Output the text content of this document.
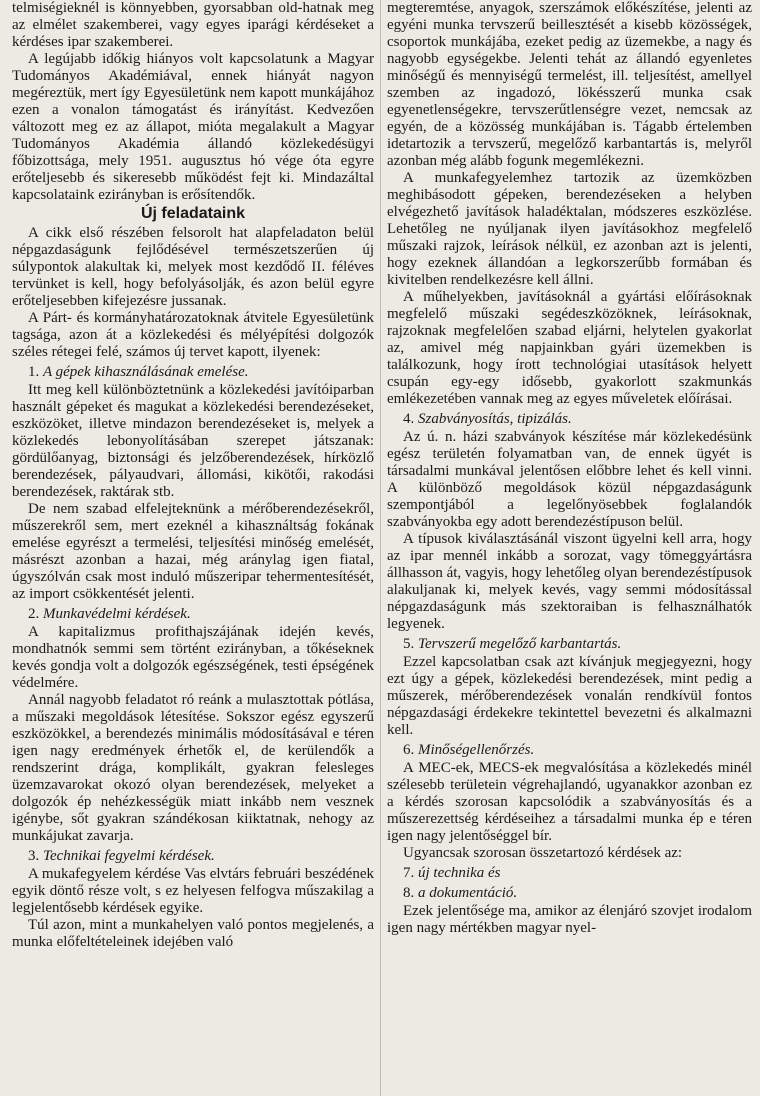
telmiségieknél is könnyebben, gyorsabban old-hatnak meg az elmélet szakemberei, vagy egyes iparági kérdéseket a kérdéses ipar szakemberei.

A legújabb időkig hiányos volt kapcsolatunk a Magyar Tudományos Akadémiával, ennek hiányát nagyon megéreztük, mert így Egyesületünk nem kapott munkájához ezen a vonalon támogatást és irányítást. Kedvezően változott meg ez az állapot, mióta megalakult a Magyar Tudományos Akadémia állandó közlekedésügyi főbizottsága, mely 1951. augusztus hó vége óta egyre erőteljesebb és sikeresebb működést fejt ki. Mindazáltal kapcsolataink ezirányban is erősítendők.

Új feladataink

A cikk első részében felsorolt hat alapfeladaton belül népgazdaságunk fejlődésével természetszerűen új súlypontok alakultak ki, melyek most kezdődő II. féléves tervünket is kell, hogy befolyásolják, és azon belül egyre erőteljesebben kifejezésre jussanak.

A Párt- és kormányhatározatoknak átvitele Egyesületünk tagsága, azon át a közlekedési és mélyépítési dolgozók széles rétegei felé, számos új tervet kapott, ilyenek:

1. A gépek kihasználásának emelése.

Itt meg kell különböztetnünk a közlekedési javítóiparban használt gépeket és magukat a közlekedési berendezéseket, eszközöket, illetve mindazon berendezéseket is, melyek a közlekedés lebonyolításában szerepet játszanak: gördülőanyag, biztonsági és jelzőberendezések, hírközlő berendezések, pályaudvari, állomási, kikötői, rakodási berendezések, raktárak stb.

De nem szabad elfelejteknünk a mérőberendezésekről, műszerekről sem, mert ezeknél a kihasználtság fokának emelése egyrészt a termelési, teljesítési minőség emelését, másrészt azonban a hazai, még aránylag igen fiatal, úgyszólván csak most induló műszeripar tehermentesítését, az import csökkentését jelenti.

2. Munkavédelmi kérdések.

A kapitalizmus profithajszájának idején kevés, mondhatnók semmi sem történt ezirányban, a tőkéseknek kevés gondja volt a dolgozók egészségének, testi épségének védelmére.

Annál nagyobb feladatot ró reánk a mulasztottak pótlása, a műszaki megoldások létesítése. Sokszor egész egyszerű eszközökkel, a berendezés minimális módosításával e téren igen nagy eredmények érhetők el, de kerülendők a rendszerint drága, komplikált, gyakran felesleges üzemzavarokat okozó olyan berendezések, melyeket a dolgozók ép nehézkességük miatt inkább nem vesznek igénybe, sőt gyakran szándékosan kiiktatnak, nehogy az munkájukat zavarja.

3. Technikai fegyelmi kérdések.

A mukafegyelem kérdése Vas elvtárs februári beszédének egyik döntő része volt, s ez helyesen felfogva műszakilag a legjelentősebb kérdések egyike.

Túl azon, mint a munkahelyen való pontos megjelenés, a munka előfeltételeinek idejében való

megteremtése, anyagok, szerszámok előkészítése, jelenti az egyéni munka tervszerű beillesztését a kisebb közösségek, csoportok munkájába, ezeket pedig az üzemekbe, a nagy és nagyobb egységekbe. Jelenti tehát az állandó egyenletes minőségű és mennyiségű termelést, ill. teljesítést, amellyel szemben az ingadozó, lökésszerű munka csak egyenetlenségekre, tervszerűtlenségre vezet, nemcsak az egyén, de a közösség munkájában is. Tágabb értelemben idetartozik a tervszerű, megelőző karbantartás is, melyről azonban még alább fogunk megemlékezni.

A munkafegyelemhez tartozik az üzemközben meghibásodott gépeken, berendezéseken a helyben elvégezhető javítások haladéktalan, módszeres eszközlése. Lehetőleg ne nyúljanak ilyen javításokhoz megfelelő műszaki rajzok, leírások nélkül, ez azonban azt is jelenti, hogy ezeknek állandóan a legkorszerűbb formában és kivitelben rendelkezésre kell állni.

A műhelyekben, javításoknál a gyártási előírásoknak megfelelő műszaki segédeszközöknek, leírásoknak, rajzoknak megfelelően szabad eljárni, helytelen gyakorlat az, amivel még napjainkban gyári üzemekben is találkozunk, hogy írott technológiai utasítások helyett csupán egy-egy idősebb, gyakorlott szakmunkás emlékezetében vannak meg az egyes műveletek előírásai.

4. Szabványosítás, tipizálás.

Az ú. n. házi szabványok készítése már közlekedésünk egész területén folyamatban van, de ennek ügyét is társadalmi munkával jelentősen előbbre lehet és kell vinni. A különböző megoldások közül népgazdaságunk szempontjából a legelőnyösebbek foglalandók szabványokba egy adott berendezéstípuson belül.

A típusok kiválasztásánál viszont ügyelni kell arra, hogy az ipar mennél inkább a sorozat, vagy tömeggyártásra állhasson át, vagyis, hogy lehetőleg olyan berendezéstípusok alakuljanak ki, melyek kevés, vagy semmi módosítással népgazdaságunk más szektoraiban is felhasználhatók legyenek.

5. Tervszerű megelőző karbantartás.

Ezzel kapcsolatban csak azt kívánjuk megjegyezni, hogy ezt úgy a gépek, közlekedési berendezések, mint pedig a műszerek, mérőberendezések vonalán rendkívül fontos népgazdasági érdekekre tekintettel bevezetni és alkalmazni kell.

6. Minőségellenőrzés.

A MEC-ek, MECS-ek megvalósítása a közlekedés minél szélesebb területein végrehajlandó, ugyanakkor azonban ez a kérdés szorosan kapcsolódik a szabványosítás és a műszerezettség kérdéseihez a társadalmi munka ép e téren igen nagy jelentőséggel bír.

Ugyancsak szorosan összetartozó kérdések az:

7. új technika és

8. a dokumentáció.

Ezek jelentősége ma, amikor az élenjáró szovjet irodalom igen nagy mértékben magyar nyel-
